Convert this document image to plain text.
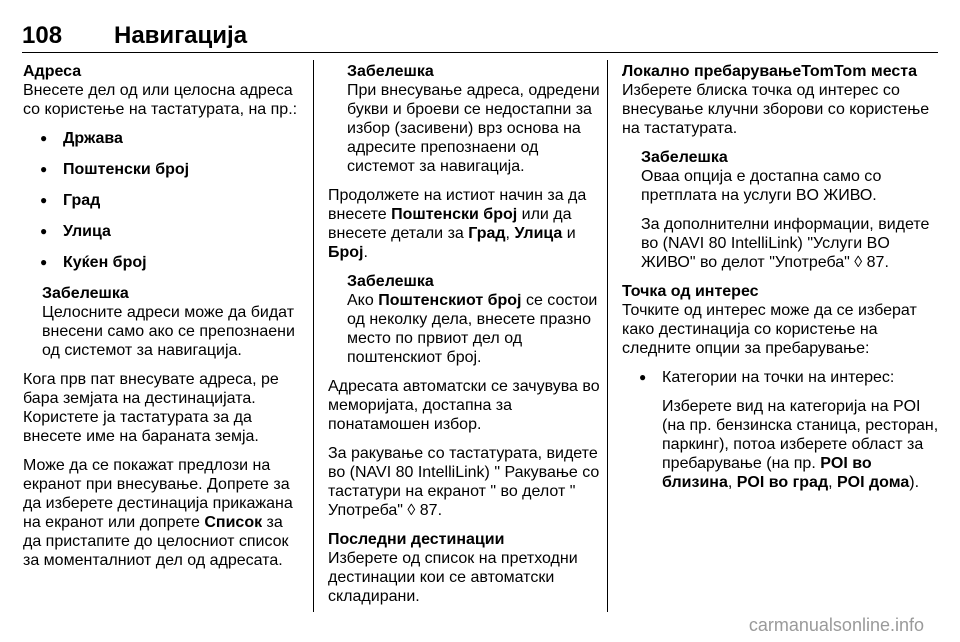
108 Навигација

Адреса
Внесете дел од или целосна адреса со користење на тастатурата, на пр.:

● Држава
● Поштенски број
● Град
● Улица
● Куќен број
Забелешка
Целосните адреси може да бидат внесени само ако се препознаени од системот за навигација.

Кога прв пат внесувате адреса, ре бара земјата на дестинацијата. Користете ја тастатурата за да внесете име на бараната земја.

Може да се покажат предлози на екранот при внесување. Допрете за да изберете дестинација прикажана на екранот или допрете Список за да пристапите до целосниот список за моменталниот дел од адресата.

Забелешка
При внесување адреса, одредени букви и броеви се недостапни за избор (засивени) врз основа на адресите препознаени од системот за навигација.

Продолжете на истиот начин за да внесете Поштенски број или да внесете детали за Град, Улица и Број.

Забелешка
Ако Поштенскиот број се состои од неколку дела, внесете празно место по првиот дел од поштенскиот број.

Адресата автоматски се зачувува во меморијата, достапна за понатамошен избор.

За ракување со тастатурата, видете во (NAVI 80 IntelliLink) " Ракување со тастатури на екранот " во делот " Употреба" ◊ 87.

Последни дестинации
Изберете од список на претходни дестинации кои се автоматски складирани.

Локално пребарувањеTomTom места
Изберете блиска точка од интерес со внесување клучни зборови со користење на тастатурата.

Забелешка
Оваа опција е достапна само со претплата на услуги BO ЖИВО.
За дополнителни информации, видете во (NAVI 80 IntelliLink) "Услуги BO ЖИВО" во делот "Употреба" ◊ 87.

Точка од интерес
Точките од интерес може да се изберат како дестинација со користење на следните опции за пребарување:

● Категории на точки на интерес:

Изберете вид на категорија на POI (на пр. бензинска станица, ресторан, паркинг), потоа изберете област за пребарување (на пр. POI во близина, POI во град, POI дома).

carmanualsonline.info
